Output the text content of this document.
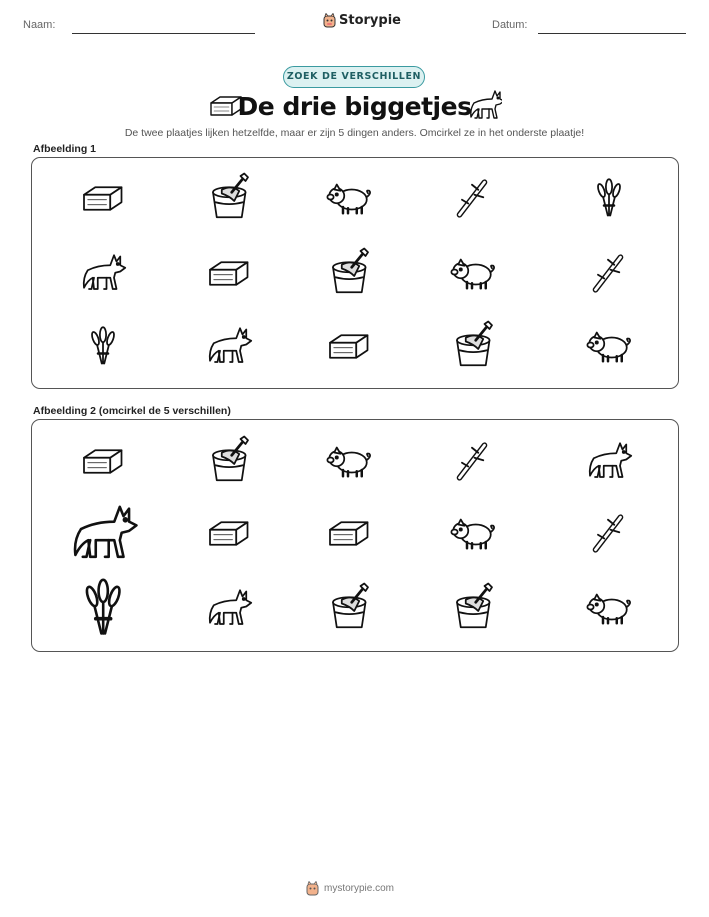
Naam:	Storypie	Datum:
ZOEK DE VERSCHILLEN
De drie biggetjes
De twee plaatjes lijken hetzelfde, maar er zijn 5 dingen anders. Omcirkel ze in het onderste plaatje!
Afbeelding 1
Afbeelding 2 (omcirkel de 5 verschillen)
mystorypie.com
